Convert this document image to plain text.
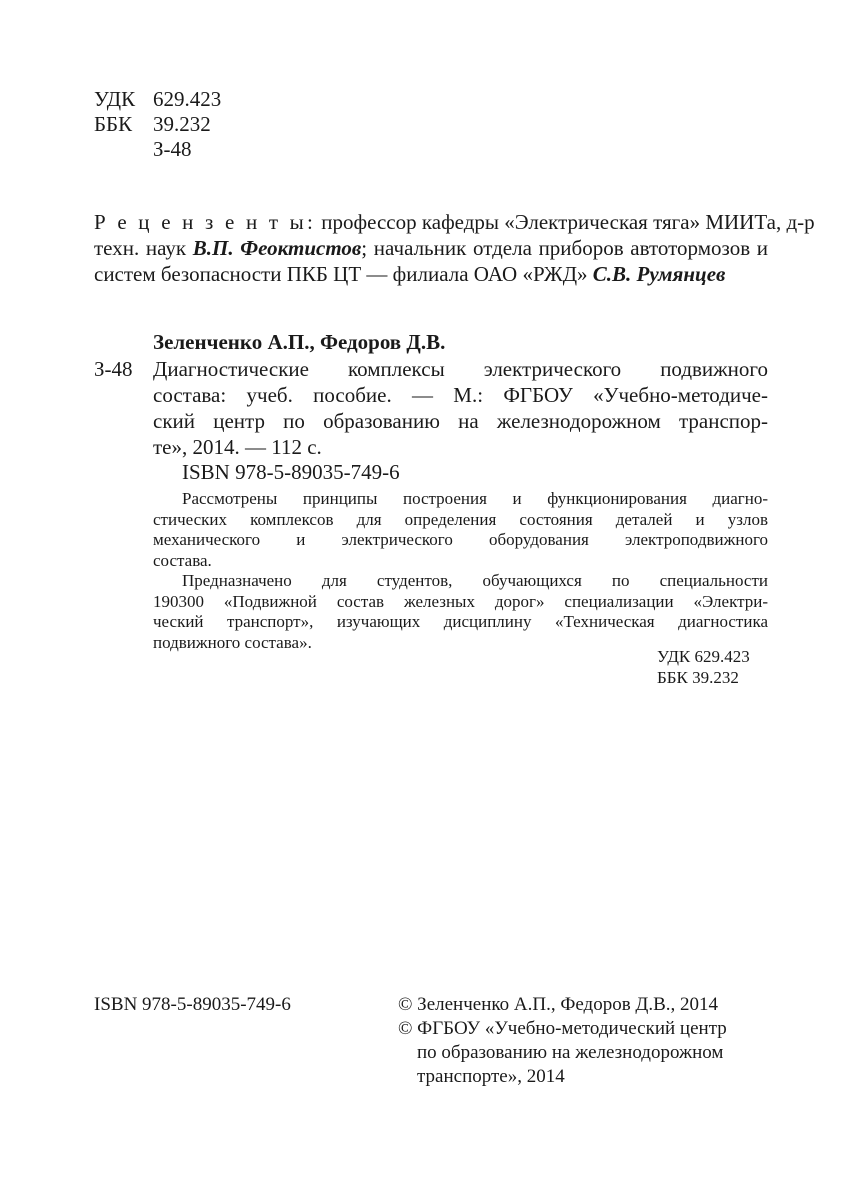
УДК 629.423
ББК 39.232
З-48
Р е ц е н з е н т ы: профессор кафедры «Электрическая тяга» МИИТа, д-р
техн. наук В.П. Феоктистов; начальник отдела приборов автотормозов и
систем безопасности ПКБ ЦТ — филиала ОАО «РЖД» С.В. Румянцев
Зеленченко А.П., Федоров Д.В.
З-48 Диагностические комплексы электрического подвижного
состава: учеб. пособие. — М.: ФГБОУ «Учебно-методиче-
ский центр по образованию на железнодорожном транспор-
те», 2014. — 112 с.
ISBN 978-5-89035-749-6
Рассмотрены принципы построения и функционирования диагно-
стических комплексов для определения состояния деталей и узлов
механического и электрического оборудования электроподвижного
состава.
Предназначено для студентов, обучающихся по специальности
190300 «Подвижной состав железных дорог» специализации «Электри-
ческий транспорт», изучающих дисциплину «Техническая диагностика
подвижного состава».
УДК 629.423
ББК 39.232
ISBN 978-5-89035-749-6	© Зеленченко А.П., Федоров Д.В., 2014
© ФГБОУ «Учебно-методический центр
по образованию на железнодорожном
транспорте», 2014
